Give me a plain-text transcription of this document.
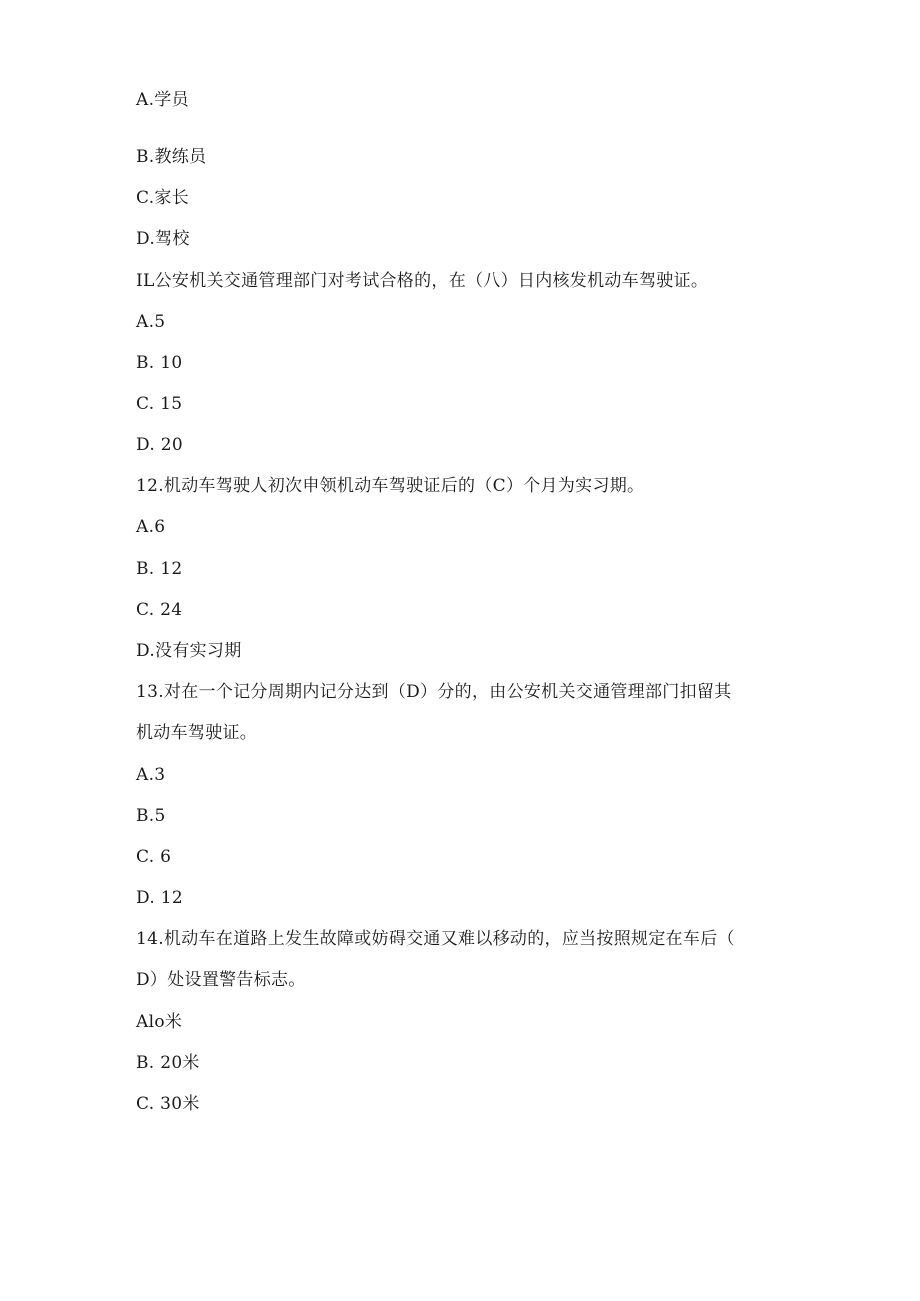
A.学员
B.教练员
C.家长
D.驾校
IL公安机关交通管理部门对考试合格的，在（八）日内核发机动车驾驶证。
A.5
B. 10
C. 15
D. 20
12.机动车驾驶人初次申领机动车驾驶证后的（C）个月为实习期。
A.6
B. 12
C. 24
D.没有实习期
13.对在一个记分周期内记分达到（D）分的，由公安机关交通管理部门扣留其
机动车驾驶证。
A.3
B.5
C. 6
D. 12
14.机动车在道路上发生故障或妨碍交通又难以移动的，应当按照规定在车后（
D）处设置警告标志。
Alo米
B. 20米
C. 30米
